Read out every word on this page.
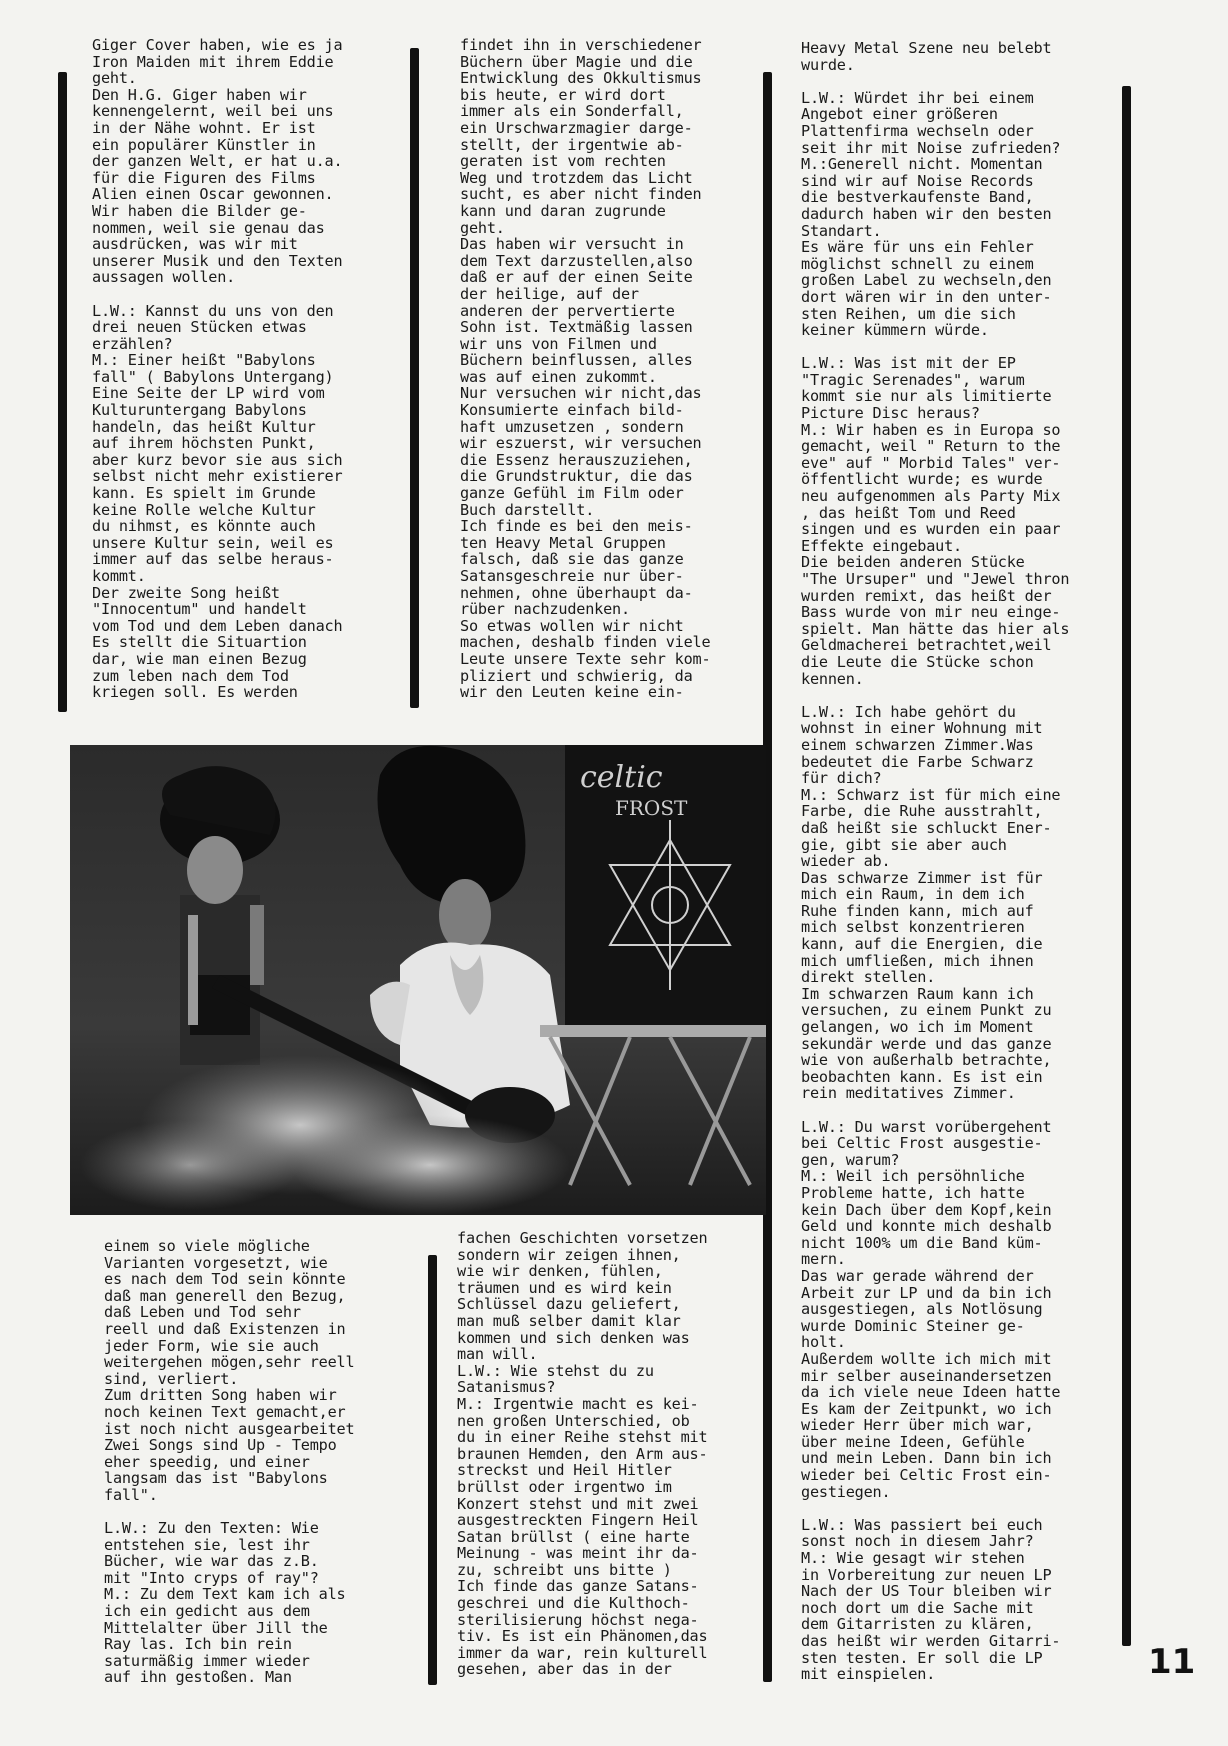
Giger Cover haben, wie es ja
Iron Maiden mit ihrem Eddie
geht.
Den H.G. Giger haben wir
kennengelernt, weil bei uns
in der Nähe wohnt. Er ist
ein populärer Künstler in
der ganzen Welt, er hat u.a.
für die Figuren des Films
Alien einen Oscar gewonnen.
Wir haben die Bilder ge-
nommen, weil sie genau das
ausdrücken, was wir mit
unserer Musik und den Texten
aussagen wollen.

L.W.: Kannst du uns von den
drei neuen Stücken etwas
erzählen?
M.: Einer heißt "Babylons
fall" ( Babylons Untergang)
Eine Seite der LP wird vom
Kulturuntergang Babylons
handeln, das heißt Kultur
auf ihrem höchsten Punkt,
aber kurz bevor sie aus sich
selbst nicht mehr existierer
kann. Es spielt im Grunde
keine Rolle welche Kultur
du nihmst, es könnte auch
unsere Kultur sein, weil es
immer auf das selbe heraus-
kommt.
Der zweite Song heißt
"Innocentum" und handelt
vom Tod und dem Leben danach
Es stellt die Situartion
dar, wie man einen Bezug
zum leben nach dem Tod
kriegen soll. Es werden
findet ihn in verschiedener
Büchern über Magie und die
Entwicklung des Okkultismus
bis heute, er wird dort
immer als ein Sonderfall,
ein Urschwarzmagier darge-
stellt, der irgentwie ab-
geraten ist vom rechten
Weg und trotzdem das Licht
sucht, es aber nicht finden
kann und daran zugrunde
geht.
Das haben wir versucht in
dem Text darzustellen,also
daß er auf der einen Seite
der heilige, auf der
anderen der pervertierte
Sohn ist. Textmäßig lassen
wir uns von Filmen und
Büchern beinflussen, alles
was auf einen zukommt.
Nur versuchen wir nicht,das
Konsumierte einfach bild-
haft umzusetzen , sondern
wir eszuerst, wir versuchen
die Essenz herauszuziehen,
die Grundstruktur, die das
ganze Gefühl im Film oder
Buch darstellt.
Ich finde es bei den meis-
ten Heavy Metal Gruppen
falsch, daß sie das ganze
Satansgeschreie nur über-
nehmen, ohne überhaupt da-
rüber nachzudenken.
So etwas wollen wir nicht
machen, deshalb finden viele
Leute unsere Texte sehr kom-
pliziert und schwierig, da
wir den Leuten keine ein-
Heavy Metal Szene neu belebt
wurde.

L.W.: Würdet ihr bei einem
Angebot einer größeren
Plattenfirma wechseln oder
seit ihr mit Noise zufrieden?
M.:Generell nicht. Momentan
sind wir auf Noise Records
die bestverkaufenste Band,
dadurch haben wir den besten
Standart.
Es wäre für uns ein Fehler
möglichst schnell zu einem
großen Label zu wechseln,den
dort wären wir in den unter-
sten Reihen, um die sich
keiner kümmern würde.

L.W.: Was ist mit der EP
"Tragic Serenades", warum
kommt sie nur als limitierte
Picture Disc heraus?
M.: Wir haben es in Europa so
gemacht, weil " Return to the
eve" auf " Morbid Tales" ver-
öffentlicht wurde; es wurde
neu aufgenommen als Party Mix
, das heißt Tom und Reed
singen und es wurden ein paar
Effekte eingebaut.
Die beiden anderen Stücke
"The Ursuper" und "Jewel thron
wurden remixt, das heißt der
Bass wurde von mir neu einge-
spielt. Man hätte das hier als
Geldmacherei betrachtet,weil
die Leute die Stücke schon
kennen.

L.W.: Ich habe gehört du
wohnst in einer Wohnung mit
einem schwarzen Zimmer.Was
bedeutet die Farbe Schwarz
für dich?
M.: Schwarz ist für mich eine
Farbe, die Ruhe ausstrahlt,
daß heißt sie schluckt Ener-
gie, gibt sie aber auch
wieder ab.
Das schwarze Zimmer ist für
mich ein Raum, in dem ich
Ruhe finden kann, mich auf
mich selbst konzentrieren
kann, auf die Energien, die
mich umfließen, mich ihnen
direkt stellen.
Im schwarzen Raum kann ich
versuchen, zu einem Punkt zu
gelangen, wo ich im Moment
sekundär werde und das ganze
wie von außerhalb betrachte,
beobachten kann. Es ist ein
rein meditatives Zimmer.

L.W.: Du warst vorübergehent
bei Celtic Frost ausgestie-
gen, warum?
M.: Weil ich persöhnliche
Probleme hatte, ich hatte
kein Dach über dem Kopf,kein
Geld und konnte mich deshalb
nicht 100% um die Band küm-
mern.
Das war gerade während der
Arbeit zur LP und da bin ich
ausgestiegen, als Notlösung
wurde Dominic Steiner ge-
holt.
Außerdem wollte ich mich mit
mir selber auseinandersetzen
da ich viele neue Ideen hatte
Es kam der Zeitpunkt, wo ich
wieder Herr über mich war,
über meine Ideen, Gefühle
und mein Leben. Dann bin ich
wieder bei Celtic Frost ein-
gestiegen.

L.W.: Was passiert bei euch
sonst noch in diesem Jahr?
M.: Wie gesagt wir stehen
in Vorbereitung zur neuen LP
Nach der US Tour bleiben wir
noch dort um die Sache mit
dem Gitarristen zu klären,
das heißt wir werden Gitarri-
sten testen. Er soll die LP
mit einspielen.
celtic
FROST
einem so viele mögliche
Varianten vorgesetzt, wie
es nach dem Tod sein könnte
daß man generell den Bezug,
daß Leben und Tod sehr
reell und daß Existenzen in
jeder Form, wie sie auch
weitergehen mögen,sehr reell
sind, verliert.
Zum dritten Song haben wir
noch keinen Text gemacht,er
ist noch nicht ausgearbeitet
Zwei Songs sind Up - Tempo
eher speedig, und einer
langsam das ist "Babylons
fall".

L.W.: Zu den Texten: Wie
entstehen sie, lest ihr
Bücher, wie war das z.B.
mit "Into cryps of ray"?
M.: Zu dem Text kam ich als
ich ein gedicht aus dem
Mittelalter über Jill the
Ray las. Ich bin rein
saturmäßig immer wieder
auf ihn gestoßen. Man
fachen Geschichten vorsetzen
sondern wir zeigen ihnen,
wie wir denken, fühlen,
träumen und es wird kein
Schlüssel dazu geliefert,
man muß selber damit klar
kommen und sich denken was
man will.
L.W.: Wie stehst du zu
Satanismus?
M.: Irgentwie macht es kei-
nen großen Unterschied, ob
du in einer Reihe stehst mit
braunen Hemden, den Arm aus-
streckst und Heil Hitler
brüllst oder irgentwo im
Konzert stehst und mit zwei
ausgestreckten Fingern Heil
Satan brüllst ( eine harte
Meinung - was meint ihr da-
zu, schreibt uns bitte )
Ich finde das ganze Satans-
geschrei und die Kulthoch-
sterilisierung höchst nega-
tiv. Es ist ein Phänomen,das
immer da war, rein kulturell
gesehen, aber das in der	11
